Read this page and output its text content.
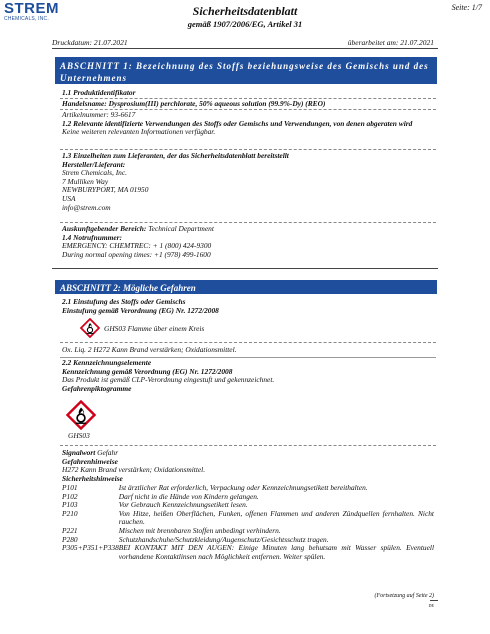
STREM
CHEMICALS, INC.
Sicherheitsdatenblatt
gemäß 1907/2006/EG, Artikel 31
Seite: 1/7
Druckdatum: 21.07.2021	überarbeitet am: 21.07.2021
ABSCHNITT 1: Bezeichnung des Stoffs beziehungsweise des Gemischs und des Unternehmens
1.1 Produktidentifikator
Handelsname: Dysprosium(III) perchlorate, 50% aqueous solution (99.9%-Dy) (REO)
Artikelnummer: 93-6617
1.2 Relevante identifizierte Verwendungen des Stoffs oder Gemischs und Verwendungen, von denen abgeraten wird
Keine weiteren relevanten Informationen verfügbar.
1.3 Einzelheiten zum Lieferanten, der das Sicherheitsdatenblatt bereitstellt
Hersteller/Lieferant:
Strem Chemicals, Inc.
7 Mulliken Way
NEWBURYPORT, MA 01950
USA
info@strem.com
Auskunftgebender Bereich: Technical Department
1.4 Notrufnummer:
EMERGENCY: CHEMTREC: + 1 (800) 424-9300
During normal opening times: +1 (978) 499-1600
ABSCHNITT 2: Mögliche Gefahren
2.1 Einstufung des Stoffs oder Gemischs
Einstufung gemäß Verordnung (EG) Nr. 1272/2008
GHS03 Flamme über einem Kreis
Ox. Liq. 2 H272 Kann Brand verstärken; Oxidationsmittel.
2.2 Kennzeichnungselemente
Kennzeichnung gemäß Verordnung (EG) Nr. 1272/2008
Das Produkt ist gemäß CLP-Verordnung eingestuft und gekennzeichnet.
Gefahrenpiktogramme
GHS03
Signalwort Gefahr
Gefahrenhinweise
H272 Kann Brand verstärken; Oxidationsmittel.
Sicherheitshinweise
P101	Ist ärztlicher Rat erforderlich, Verpackung oder Kennzeichnungsetikett bereithalten.
P102	Darf nicht in die Hände von Kindern gelangen.
P103	Vor Gebrauch Kennzeichnungsetikett lesen.
P210	Von Hitze, heißen Oberflächen, Funken, offenen Flammen und anderen Zündquellen fernhalten. Nicht rauchen.
P221	Mischen mit brennbaren Stoffen unbedingt verhindern.
P280	Schutzhandschuhe/Schutzkleidung/Augenschutz/Gesichtsschutz tragen.
P305+P351+P338	BEI KONTAKT MIT DEN AUGEN: Einige Minuten lang behutsam mit Wasser spülen. Eventuell vorhandene Kontaktlinsen nach Möglichkeit entfernen. Weiter spülen.
(Fortsetzung auf Seite 2)
DE
